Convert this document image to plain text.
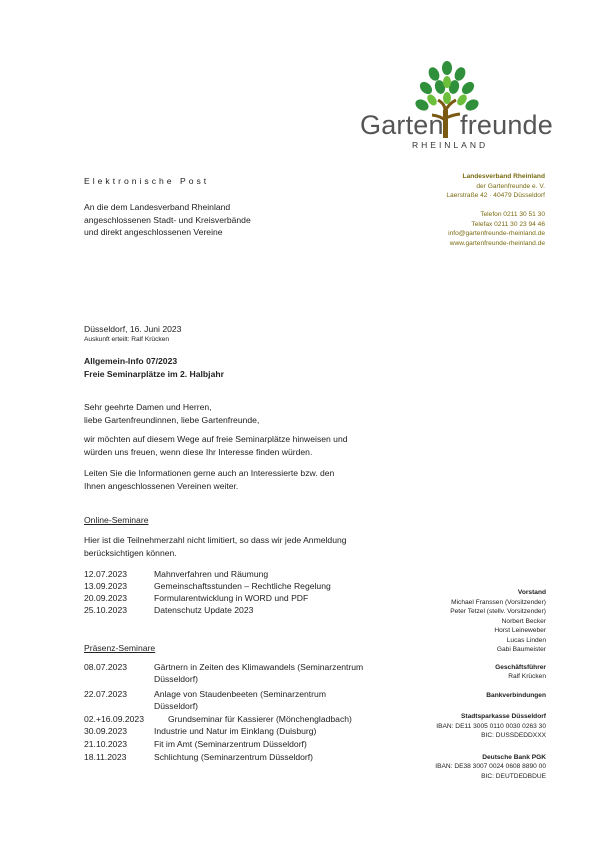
Garten freunde
RHEINLAND
Elektronische Post
An die dem Landesverband Rheinland
angeschlossenen Stadt- und Kreisverbände
und direkt angeschlossenen Vereine
Landesverband Rheinland
der Gartenfreunde e. V.
Laerstraße 42 · 40479 Düsseldorf
Telefon 0211 30 51 30
Telefax 0211 30 23 94 46
info@gartenfreunde-rheinland.de
www.gartenfreunde-rheinland.de
Düsseldorf, 16. Juni 2023
Auskunft erteilt: Ralf Krücken
Allgemein-Info 07/2023
Freie Seminarplätze im 2. Halbjahr
Sehr geehrte Damen und Herren,
liebe Gartenfreundinnen, liebe Gartenfreunde,
wir möchten auf diesem Wege auf freie Seminarplätze hinweisen und
würden uns freuen, wenn diese Ihr Interesse finden würden.
Leiten Sie die Informationen gerne auch an Interessierte bzw. den
Ihnen angeschlossenen Vereinen weiter.
Online-Seminare
Hier ist die Teilnehmerzahl nicht limitiert, so dass wir jede Anmeldung
berücksichtigen können.
12.07.2023	Mahnverfahren und Räumung
13.09.2023	Gemeinschaftsstunden – Rechtliche Regelung
20.09.2023	Formularentwicklung in WORD und PDF
25.10.2023	Datenschutz Update 2023
Präsenz-Seminare
08.07.2023	Gärtnern in Zeiten des Klimawandels (Seminarzentrum
Düsseldorf)
22.07.2023	Anlage von Staudenbeeten (Seminarzentrum
Düsseldorf)
02.+16.09.2023	Grundseminar für Kassierer (Mönchengladbach)
30.09.2023	Industrie und Natur im Einklang (Duisburg)
21.10.2023	Fit im Amt (Seminarzentrum Düsseldorf)
18.11.2023	Schlichtung (Seminarzentrum Düsseldorf)
Vorstand
Michael Franssen (Vorsitzender)
Peter Tetzel (stellv. Vorsitzender)
Norbert Becker
Horst Leineweber
Lucas Linden
Gabi Baumeister
Geschäftsführer
Ralf Krücken
Bankverbindungen
Stadtsparkasse Düsseldorf
IBAN: DE11 3005 0110 0030 0263 30
BIC: DUSSDEDDXXX
Deutsche Bank PGK
IBAN: DE38 3007 0024 0608 8890 00
BIC: DEUTDEDBDUE
